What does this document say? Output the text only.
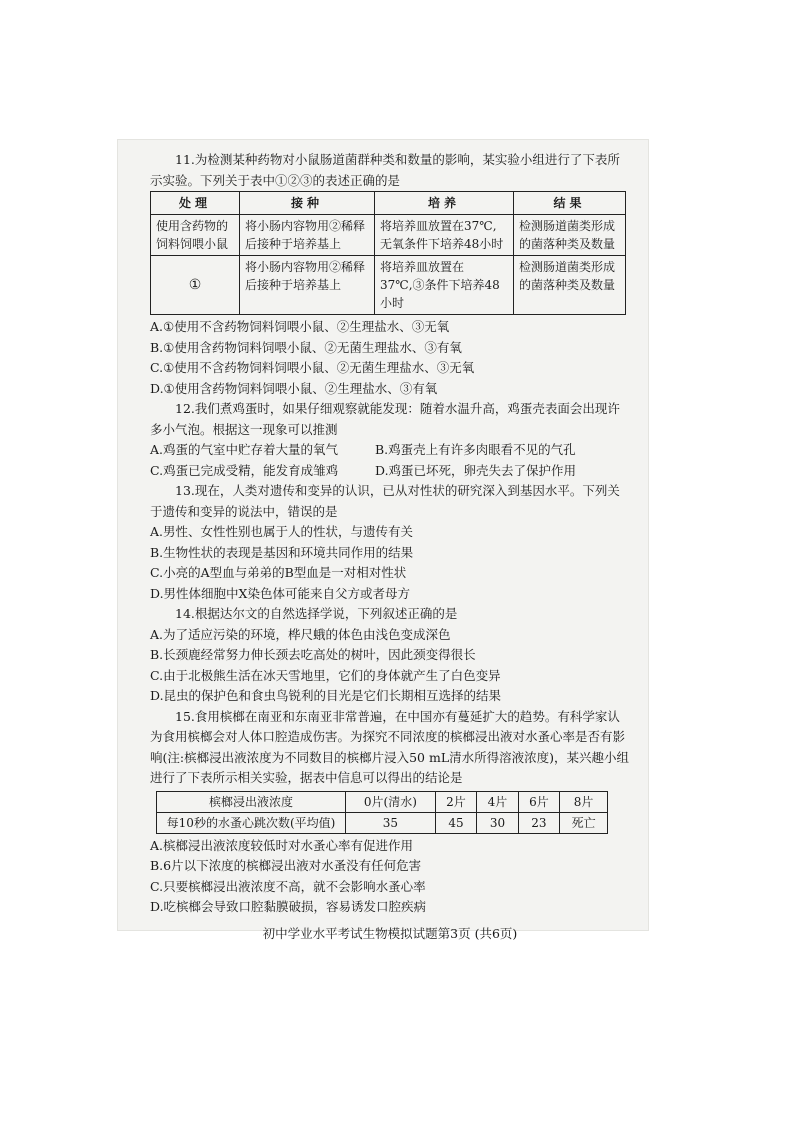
11.为检测某种药物对小鼠肠道菌群种类和数量的影响，某实验小组进行了下表所示实验。下列关于表中①②③的表述正确的是

处理	接种	培养	结果
使用含药物的饲料饲喂小鼠	将小肠内容物用②稀释后接种于培养基上	将培养皿放置在37℃,无氧条件下培养48小时	检测肠道菌类形成的菌落种类及数量
①	将小肠内容物用②稀释后接种于培养基上	将培养皿放置在37℃,③条件下培养48小时	检测肠道菌类形成的菌落种类及数量

A.①使用不含药物饲料饲喂小鼠、②生理盐水、③无氧

B.①使用含药物饲料饲喂小鼠、②无菌生理盐水、③有氧

C.①使用不含药物饲料饲喂小鼠、②无菌生理盐水、③无氧

D.①使用含药物饲料饲喂小鼠、②生理盐水、③有氧

12.我们煮鸡蛋时，如果仔细观察就能发现：随着水温升高，鸡蛋壳表面会出现许多小气泡。根据这一现象可以推测

A.鸡蛋的气室中贮存着大量的氧气	B.鸡蛋壳上有许多肉眼看不见的气孔
C.鸡蛋已完成受精，能发育成雏鸡	D.鸡蛋已坏死，卵壳失去了保护作用

13.现在，人类对遗传和变异的认识，已从对性状的研究深入到基因水平。下列关于遗传和变异的说法中，错误的是

A.男性、女性性别也属于人的性状，与遗传有关

B.生物性状的表现是基因和环境共同作用的结果

C.小亮的A型血与弟弟的B型血是一对相对性状

D.男性体细胞中X染色体可能来自父方或者母方

14.根据达尔文的自然选择学说，下列叙述正确的是

A.为了适应污染的环境，桦尺蛾的体色由浅色变成深色

B.长颈鹿经常努力伸长颈去吃高处的树叶，因此颈变得很长

C.由于北极熊生活在冰天雪地里，它们的身体就产生了白色变异

D.昆虫的保护色和食虫鸟锐利的目光是它们长期相互选择的结果

15.食用槟榔在南亚和东南亚非常普遍，在中国亦有蔓延扩大的趋势。有科学家认为食用槟榔会对人体口腔造成伤害。为探究不同浓度的槟榔浸出液对水蚤心率是否有影响(注:槟榔浸出液浓度为不同数目的槟榔片浸入50 mL清水所得溶液浓度)，某兴趣小组进行了下表所示相关实验，据表中信息可以得出的结论是

槟榔浸出液浓度	0片(清水)	2片	4片	6片	8片
每10秒的水蚤心跳次数(平均值)	35	45	30	23	死亡

A.槟榔浸出液浓度较低时对水蚤心率有促进作用

B.6片以下浓度的槟榔浸出液对水蚤没有任何危害

C.只要槟榔浸出液浓度不高，就不会影响水蚤心率

D.吃槟榔会导致口腔黏膜破损，容易诱发口腔疾病

初中学业水平考试生物模拟试题第3页 (共6页)
